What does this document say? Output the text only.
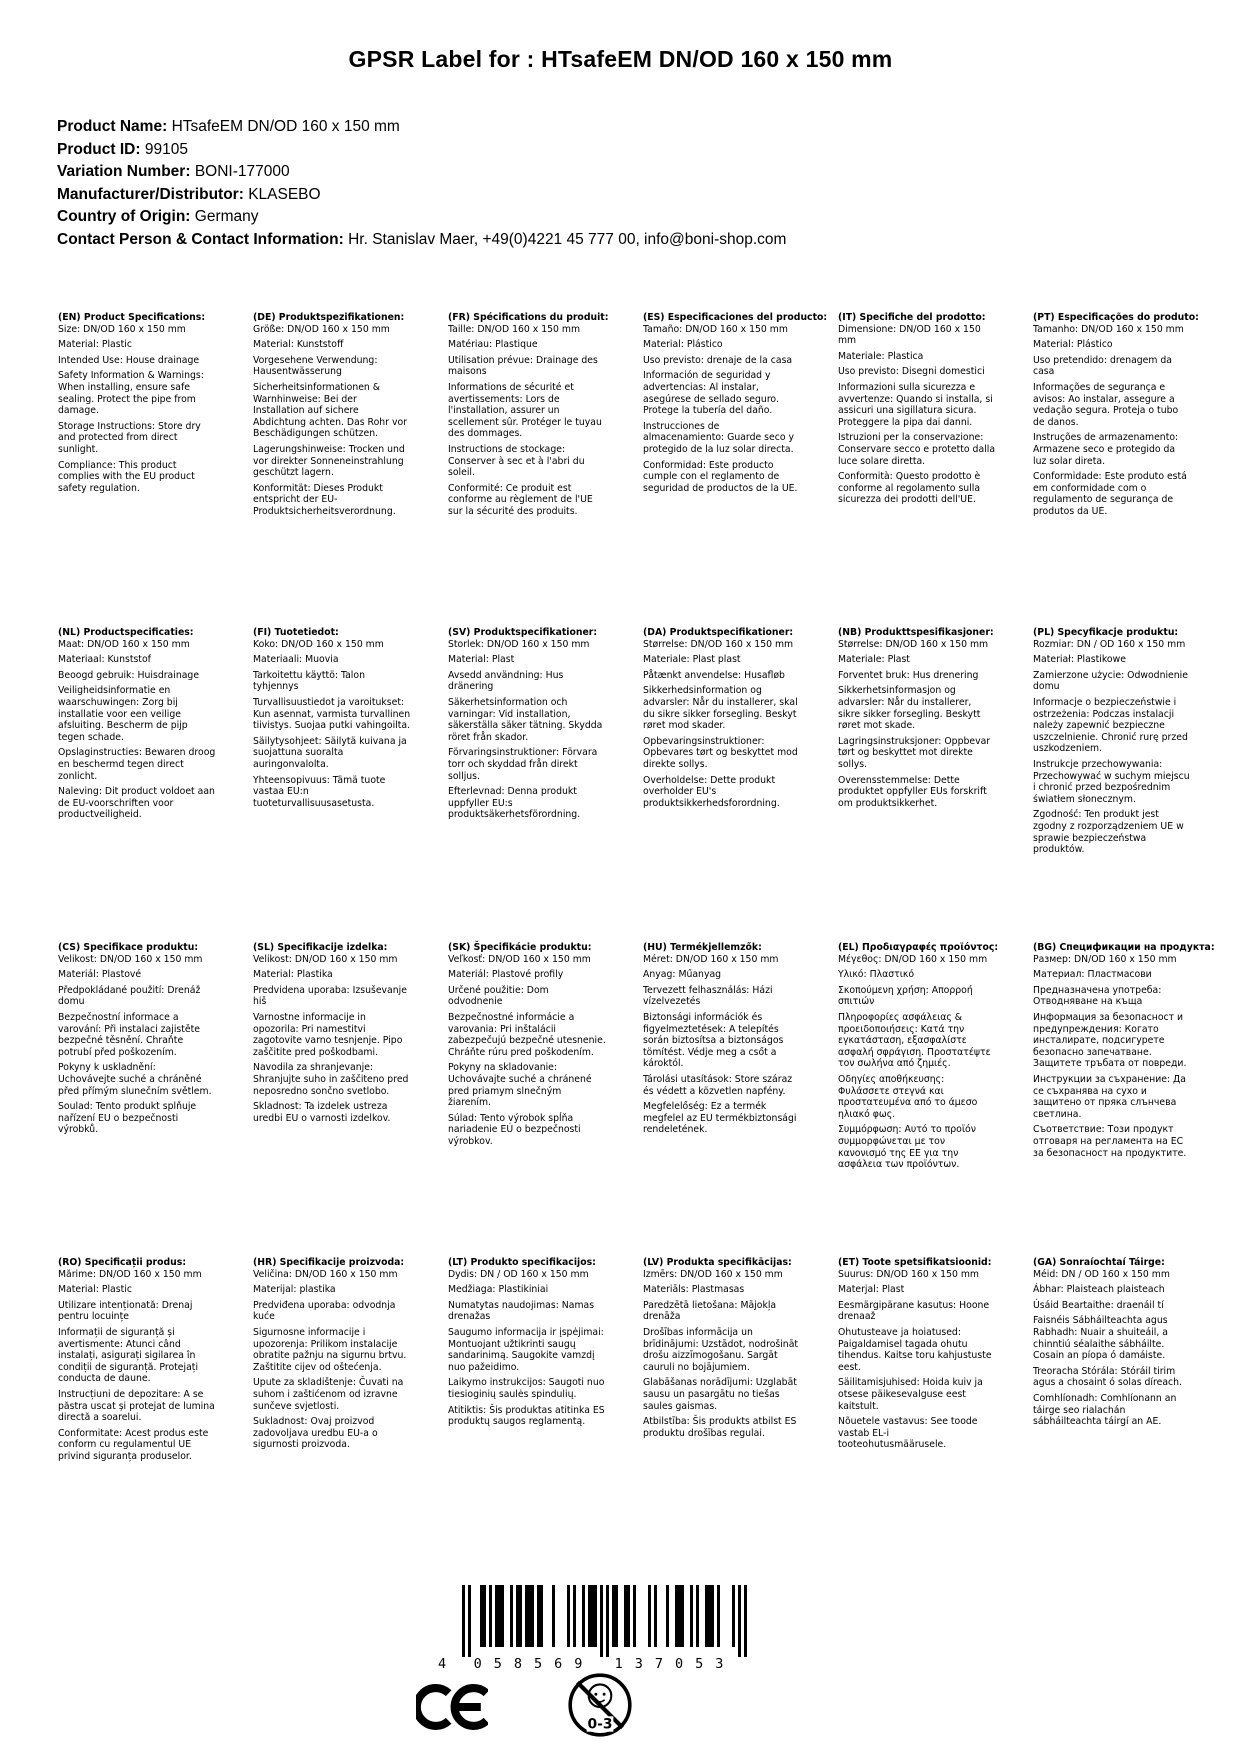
GPSR Label for : HTsafeEM DN/OD 160 x 150 mm
Product Name: HTsafeEM DN/OD 160 x 150 mm
Product ID: 99105
Variation Number: BONI-177000
Manufacturer/Distributor: KLASEBO
Country of Origin: Germany
Contact Person & Contact Information: Hr. Stanislav Maer, +49(0)4221 45 777 00, info@boni-shop.com
(EN) Product Specifications:

Size: DN/OD 160 x 150 mm

Material: Plastic

Intended Use: House drainage

Safety Information & Warnings: When installing, ensure safe sealing. Protect the pipe from damage.

Storage Instructions: Store dry and protected from direct sunlight.

Compliance: This product complies with the EU product safety regulation.

(DE) Produktspezifikationen:

Größe: DN/OD 160 x 150 mm

Material: Kunststoff

Vorgesehene Verwendung: Hausentwässerung

Sicherheitsinformationen & Warnhinweise: Bei der Installation auf sichere Abdichtung achten. Das Rohr vor Beschädigungen schützen.

Lagerungshinweise: Trocken und vor direkter Sonneneinstrahlung geschützt lagern.

Konformität: Dieses Produkt entspricht der EU-Produktsicherheitsverordnung.

(FR) Spécifications du produit:

Taille: DN/OD 160 x 150 mm

Matériau: Plastique

Utilisation prévue: Drainage des maisons

Informations de sécurité et avertissements: Lors de l'installation, assurer un scellement sûr. Protéger le tuyau des dommages.

Instructions de stockage: Conserver à sec et à l'abri du soleil.

Conformité: Ce produit est conforme au règlement de l'UE sur la sécurité des produits.

(ES) Especificaciones del producto:

Tamaño: DN/OD 160 x 150 mm

Material: Plástico

Uso previsto: drenaje de la casa

Información de seguridad y advertencias: Al instalar, asegúrese de sellado seguro. Protege la tubería del daño.

Instrucciones de almacenamiento: Guarde seco y protegido de la luz solar directa.

Conformidad: Este producto cumple con el reglamento de seguridad de productos de la UE.

(IT) Specifiche del prodotto:

Dimensione: DN/OD 160 x 150 mm

Materiale: Plastica

Uso previsto: Disegni domestici

Informazioni sulla sicurezza e avvertenze: Quando si installa, si assicuri una sigillatura sicura. Proteggere la pipa dai danni.

Istruzioni per la conservazione: Conservare secco e protetto dalla luce solare diretta.

Conformità: Questo prodotto è conforme al regolamento sulla sicurezza dei prodotti dell'UE.

(PT) Especificações do produto:

Tamanho: DN/OD 160 x 150 mm

Material: Plástico

Uso pretendido: drenagem da casa

Informações de segurança e avisos: Ao instalar, assegure a vedação segura. Proteja o tubo de danos.

Instruções de armazenamento: Armazene seco e protegido da luz solar direta.

Conformidade: Este produto está em conformidade com o regulamento de segurança de produtos da UE.

(NL) Productspecificaties:

Maat: DN/OD 160 x 150 mm

Materiaal: Kunststof

Beoogd gebruik: Huisdrainage

Veiligheidsinformatie en waarschuwingen: Zorg bij installatie voor een veilige afsluiting. Bescherm de pijp tegen schade.

Opslaginstructies: Bewaren droog en beschermd tegen direct zonlicht.

Naleving: Dit product voldoet aan de EU-voorschriften voor productveiligheid.

(FI) Tuotetiedot:

Koko: DN/OD 160 x 150 mm

Materiaali: Muovia

Tarkoitettu käyttö: Talon tyhjennys

Turvallisuustiedot ja varoitukset: Kun asennat, varmista turvallinen tiivistys. Suojaa putki vahingoilta.

Säilytysohjeet: Säilytä kuivana ja suojattuna suoralta auringonvalolta.

Yhteensopivuus: Tämä tuote vastaa EU:n tuoteturvallisuusasetusta.

(SV) Produktspecifikationer:

Storlek: DN/OD 160 x 150 mm

Material: Plast

Avsedd användning: Hus dränering

Säkerhetsinformation och varningar: Vid installation, säkerställa säker tätning. Skydda röret från skador.

Förvaringsinstruktioner: Förvara torr och skyddad från direkt solljus.

Efterlevnad: Denna produkt uppfyller EU:s produktsäkerhetsförordning.

(DA) Produktspecifikationer:

Størrelse: DN/OD 160 x 150 mm

Materiale: Plast plast

Påtænkt anvendelse: Husafløb

Sikkerhedsinformation og advarsler: Når du installerer, skal du sikre sikker forsegling. Beskyt røret mod skader.

Opbevaringsinstruktioner: Opbevares tørt og beskyttet mod direkte sollys.

Overholdelse: Dette produkt overholder EU's produktsikkerhedsforordning.

(NB) Produkttspesifikasjoner:

Størrelse: DN/OD 160 x 150 mm

Materiale: Plast

Forventet bruk: Hus drenering

Sikkerhetsinformasjon og advarsler: Når du installerer, sikre sikker forsegling. Beskytt røret mot skade.

Lagringsinstruksjoner: Oppbevar tørt og beskyttet mot direkte sollys.

Overensstemmelse: Dette produktet oppfyller EUs forskrift om produktsikkerhet.

(PL) Specyfikacje produktu:

Rozmiar: DN / OD 160 x 150 mm

Materiał: Plastikowe

Zamierzone użycie: Odwodnienie domu

Informacje o bezpieczeństwie i ostrzeżenia: Podczas instalacji należy zapewnić bezpieczne uszczelnienie. Chronić rurę przed uszkodzeniem.

Instrukcje przechowywania: Przechowywać w suchym miejscu i chronić przed bezpośrednim światłem słonecznym.

Zgodność: Ten produkt jest zgodny z rozporządzeniem UE w sprawie bezpieczeństwa produktów.

(CS) Specifikace produktu:

Velikost: DN/OD 160 x 150 mm

Materiál: Plastové

Předpokládané použití: Drenáž domu

Bezpečnostní informace a varování: Při instalaci zajistěte bezpečné těsnění. Chraňte potrubí před poškozením.

Pokyny k uskladnění: Uchovávejte suché a chráněné před přímým slunečním světlem.

Soulad: Tento produkt splňuje nařízení EU o bezpečnosti výrobků.

(SL) Specifikacije izdelka:

Velikost: DN/OD 160 x 150 mm

Material: Plastika

Predvidena uporaba: Izsuševanje hiš

Varnostne informacije in opozorila: Pri namestitvi zagotovite varno tesnjenje. Pipo zaščitite pred poškodbami.

Navodila za shranjevanje: Shranjujte suho in zaščiteno pred neposredno sončno svetlobo.

Skladnost: Ta izdelek ustreza uredbi EU o varnosti izdelkov.

(SK) Špecifikácie produktu:

Veľkosť: DN/OD 160 x 150 mm

Materiál: Plastové profily

Určené použitie: Dom odvodnenie

Bezpečnostné informácie a varovania: Pri inštalácii zabezpečujú bezpečné utesnenie. Chráňte rúru pred poškodením.

Pokyny na skladovanie: Uchovávajte suché a chránené pred priamym slnečným žiarením.

Súlad: Tento výrobok spĺňa nariadenie EÚ o bezpečnosti výrobkov.

(HU) Termékjellemzők:

Méret: DN/OD 160 x 150 mm

Anyag: Műanyag

Tervezett felhasználás: Házi vízelvezetés

Biztonsági információk és figyelmeztetések: A telepítés során biztosítsa a biztonságos tömítést. Védje meg a csőt a károktól.

Tárolási utasítások: Store száraz és védett a közvetlen napfény.

Megfelelőség: Ez a termék megfelel az EU termékbiztonsági rendeletének.

(EL) Προδιαγραφές προϊόντος:

Μέγεθος: DN/OD 160 x 150 mm

Υλικό: Πλαστικό

Σκοπούμενη χρήση: Απορροή σπιτιών

Πληροφορίες ασφάλειας & προειδοποιήσεις: Κατά την εγκατάσταση, εξασφαλίστε ασφαλή σφράγιση. Προστατέψτε τον σωλήνα από ζημιές.

Οδηγίες αποθήκευσης: Φυλάσσετε στεγνά και προστατευμένα από το άμεσο ηλιακό φως.

Συμμόρφωση: Αυτό το προϊόν συμμορφώνεται με τον κανονισμό της ΕΕ για την ασφάλεια των προϊόντων.

(BG) Спецификации на продукта:

Размер: DN/OD 160 x 150 mm

Материал: Пластмасови

Предназначена употреба: Отводняване на къща

Информация за безопасност и предупреждения: Когато инсталирате, подсигурете безопасно запечатване. Защитете тръбата от повреди.

Инструкции за съхранение: Да се съхранява на сухо и защитено от пряка слънчева светлина.

Съответствие: Този продукт отговаря на регламента на ЕС за безопасност на продуктите.

(RO) Specificații produs:

Mărime: DN/OD 160 x 150 mm

Material: Plastic

Utilizare intenționată: Drenaj pentru locuințe

Informații de siguranță și avertismente: Atunci când instalați, asigurați sigilarea în condiții de siguranță. Protejați conducta de daune.

Instrucțiuni de depozitare: A se păstra uscat și protejat de lumina directă a soarelui.

Conformitate: Acest produs este conform cu regulamentul UE privind siguranța produselor.

(HR) Specifikacije proizvoda:

Veličina: DN/OD 160 x 150 mm

Materijal: plastika

Predviđena uporaba: odvodnja kuće

Sigurnosne informacije i upozorenja: Prilikom instalacije obratite pažnju na sigurnu brtvu. Zaštitite cijev od oštećenja.

Upute za skladištenje: Čuvati na suhom i zaštićenom od izravne sunčeve svjetlosti.

Sukladnost: Ovaj proizvod zadovoljava uredbu EU-a o sigurnosti proizvoda.

(LT) Produkto specifikacijos:

Dydis: DN / OD 160 x 150 mm

Medžiaga: Plastikiniai

Numatytas naudojimas: Namas drenažas

Saugumo informacija ir įspėjimai: Montuojant užtikrinti saugų sandarinimą. Saugokite vamzdį nuo pažeidimo.

Laikymo instrukcijos: Saugoti nuo tiesioginių saulės spindulių.

Atitiktis: Šis produktas atitinka ES produktų saugos reglamentą.

(LV) Produkta specifikācijas:

Izmērs: DN/OD 160 x 150 mm

Materiāls: Plastmasas

Paredzētā lietošana: Mājokļa drenāža

Drošības informācija un brīdinājumi: Uzstādot, nodrošināt drošu aizzīmogošanu. Sargāt cauruli no bojājumiem.

Glabāšanas norādījumi: Uzglabāt sausu un pasargātu no tiešas saules gaismas.

Atbilstība: Šis produkts atbilst ES produktu drošības regulai.

(ET) Toote spetsifikatsioonid:

Suurus: DN/OD 160 x 150 mm

Materjal: Plast

Eesmärgipärane kasutus: Hoone drenaaž

Ohutusteave ja hoiatused: Paigaldamisel tagada ohutu tihendus. Kaitse toru kahjustuste eest.

Säilitamisjuhised: Hoida kuiv ja otsese päikesevalguse eest kaitstult.

Nõuetele vastavus: See toode vastab EL-i tooteohutusmäärusele.

(GA) Sonraíochtaí Táirge:

Méid: DN / OD 160 x 150 mm

Ábhar: Plaisteach plaisteach

Úsáid Beartaithe: draenáil tí

Faisnéis Sábháilteachta agus Rabhadh: Nuair a shuiteáil, a chinntiú séalaithe sábháilte. Cosain an píopa ó damáiste.

Treoracha Stórála: Stóráil tirim agus a chosaint ó solas díreach.

Comhlíonadh: Comhlíonann an táirge seo rialachán sábháilteachta táirgí an AE.

4 058569 137053
0-3
